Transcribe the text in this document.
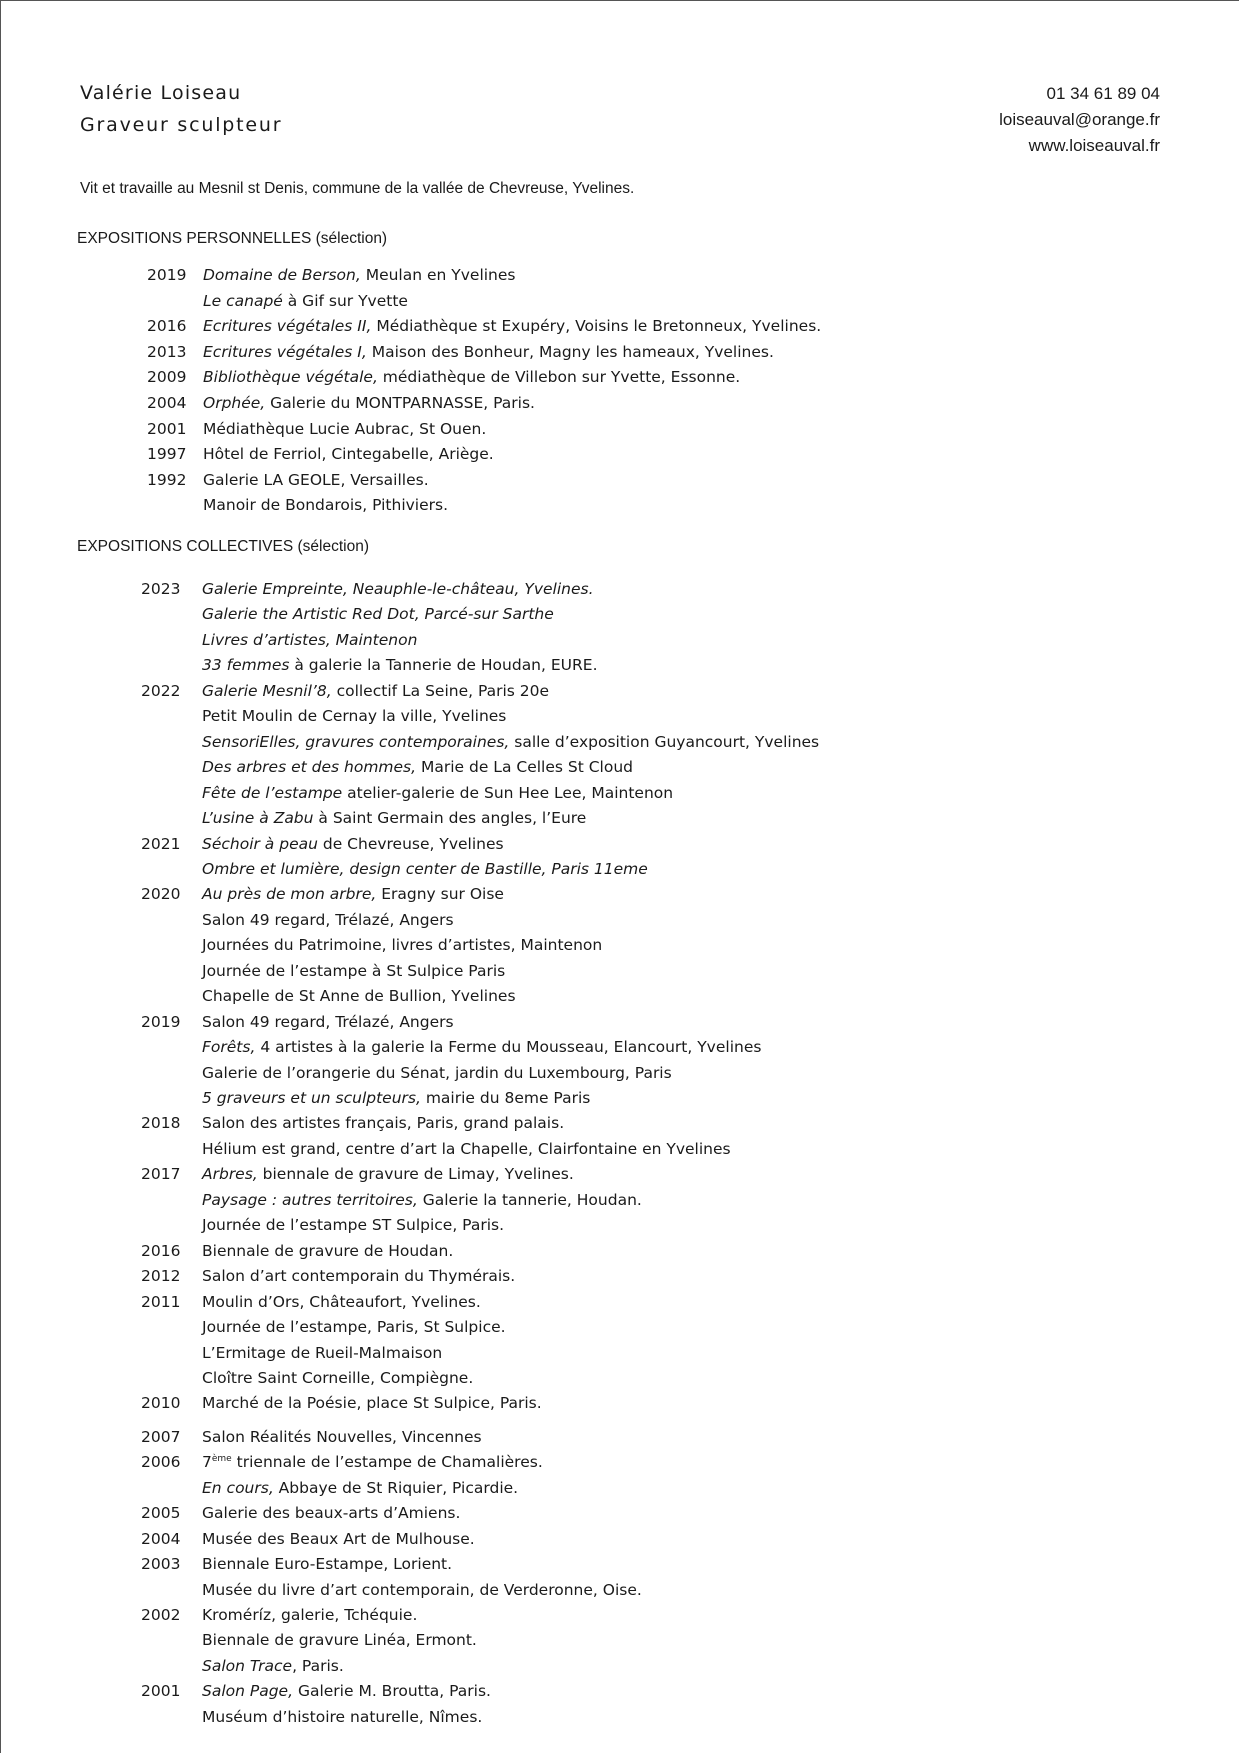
Valérie Loiseau
Graveur sculpteur
01 34 61 89 04
loiseauval@orange.fr
www.loiseauval.fr
Vit et travaille au Mesnil st Denis, commune de la vallée de Chevreuse, Yvelines.
EXPOSITIONS PERSONNELLES (sélection)
2019	Domaine de Berson, Meulan en Yvelines
Le canapé à Gif sur Yvette
2016	Ecritures végétales II, Médiathèque st Exupéry, Voisins le Bretonneux, Yvelines.
2013	Ecritures végétales I, Maison des Bonheur, Magny les hameaux, Yvelines.
2009	Bibliothèque végétale, médiathèque de Villebon sur Yvette, Essonne.
2004	Orphée, Galerie du MONTPARNASSE, Paris.
2001	Médiathèque Lucie Aubrac, St Ouen.
1997	Hôtel de Ferriol, Cintegabelle, Ariège.
1992	Galerie LA GEOLE, Versailles.
Manoir de Bondarois, Pithiviers.
EXPOSITIONS COLLECTIVES (sélection)
2023	Galerie Empreinte, Neauphle-le-château, Yvelines.
Galerie the Artistic Red Dot, Parcé-sur Sarthe
Livres d’artistes, Maintenon
33 femmes à galerie la Tannerie de Houdan, EURE.
2022	Galerie Mesnil’8, collectif La Seine, Paris 20e
Petit Moulin de Cernay la ville, Yvelines
SensoriElles, gravures contemporaines, salle d’exposition Guyancourt, Yvelines
Des arbres et des hommes, Marie de La Celles St Cloud
Fête de l’estampe atelier-galerie de Sun Hee Lee, Maintenon
L’usine à Zabu à Saint Germain des angles, l’Eure
2021	Séchoir à peau de Chevreuse, Yvelines
Ombre et lumière, design center de Bastille, Paris 11eme
2020	Au près de mon arbre, Eragny sur Oise
Salon 49 regard, Trélazé, Angers
Journées du Patrimoine, livres d’artistes, Maintenon
Journée de l’estampe à St Sulpice Paris
Chapelle de St Anne de Bullion, Yvelines
2019	Salon 49 regard, Trélazé, Angers
Forêts, 4 artistes à la galerie la Ferme du Mousseau, Elancourt, Yvelines
Galerie de l’orangerie du Sénat, jardin du Luxembourg, Paris
5 graveurs et un sculpteurs, mairie du 8eme Paris
2018	Salon des artistes français, Paris, grand palais.
Hélium est grand, centre d’art la Chapelle, Clairfontaine en Yvelines
2017	Arbres, biennale de gravure de Limay, Yvelines.
Paysage : autres territoires, Galerie la tannerie, Houdan.
Journée de l’estampe ST Sulpice, Paris.
2016	Biennale de gravure de Houdan.
2012	Salon d’art contemporain du Thymérais.
2011	Moulin d’Ors, Châteaufort, Yvelines.
Journée de l’estampe, Paris, St Sulpice.
L’Ermitage de Rueil-Malmaison
Cloître Saint Corneille, Compiègne.
2010	Marché de la Poésie, place St Sulpice, Paris.
2007	Salon Réalités Nouvelles, Vincennes
2006	7ème triennale de l’estampe de Chamalières.
En cours, Abbaye de St Riquier, Picardie.
2005	Galerie des beaux-arts d’Amiens.
2004	Musée des Beaux Art de Mulhouse.
2003	Biennale Euro-Estampe, Lorient.
Musée du livre d’art contemporain, de Verderonne, Oise.
2002	Kroméríz, galerie, Tchéquie.
Biennale de gravure Linéa, Ermont.
Salon Trace, Paris.
2001	Salon Page, Galerie M. Broutta, Paris.
Muséum d’histoire naturelle, Nîmes.
